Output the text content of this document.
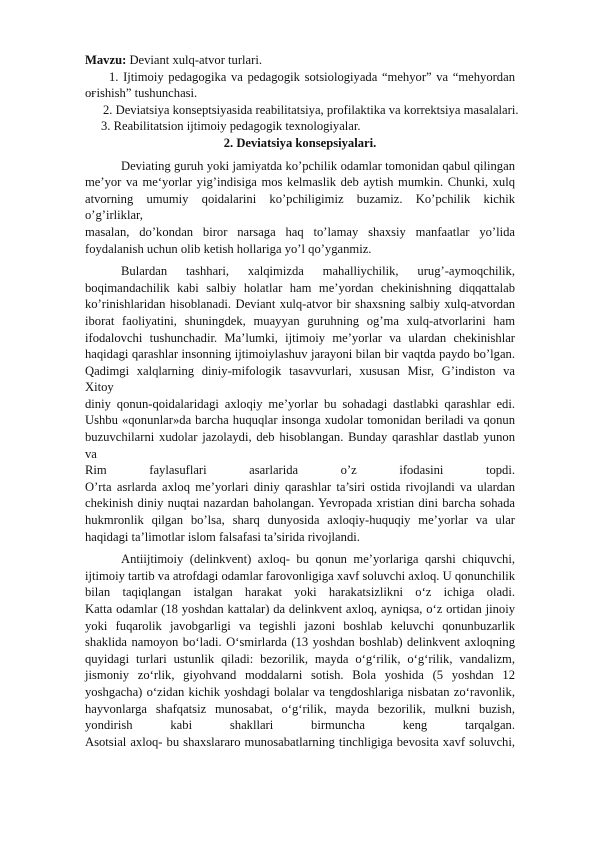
Mavzu: Deviant xulq-atvor turlari.
1. Ijtimoiy pedagogika va pedagogik sotsiologiyada “mehyor” va “mehyordan
oғishish” tushunchasi.
2. Deviatsiya konseptsiyasida reabilitatsiya, profilaktika va korrektsiya masalalari.
3. Reabilitatsion ijtimoiy pedagogik texnologiyalar.
2. Deviatsiya konsepsiyalari.
Deviating guruh yoki jamiyatda ko’pchilik odamlar tomonidan qabul qilingan
me’yor va me‘yorlar yig’indisiga mos kelmaslik deb aytish mumkin. Chunki, xulq
atvorning umumiy qoidalarini ko’pchiligimiz buzamiz. Ko’pchilik kichik o’g’irliklar,
masalan, do’kondan biror narsaga haq to’lamay shaxsiy manfaatlar yo’lida
foydalanish uchun olib ketish hollariga yo’l qo’yganmiz.
Bulardan tashhari, xalqimizda mahalliychilik, urug’-aymoqchilik,
boqimandachilik kabi salbiy holatlar ham me’yordan chekinishning diqqattalab
ko’rinishlaridan hisoblanadi. Deviant xulq-atvor bir shaxsning salbiy xulq-atvordan
iborat faoliyatini, shuningdek, muayyan guruhning og’ma xulq-atvorlarini ham
ifodalovchi tushunchadir. Ma’lumki, ijtimoiy me’yorlar va ulardan chekinishlar
haqidagi qarashlar insonning ijtimoiylashuv jarayoni bilan bir vaqtda paydo bo’lgan.
Qadimgi xalqlarning diniy-mifologik tasavvurlari, xususan Misr, G’indiston va Xitoy
diniy qonun-qoidalaridagi axloqiy me’yorlar bu sohadagi dastlabki qarashlar edi.
Ushbu «qonunlar»da barcha huquqlar insonga xudolar tomonidan beriladi va qonun
buzuvchilarni xudolar jazolaydi, deb hisoblangan. Bunday qarashlar dastlab yunon va
Rim faylasuflari asarlarida o’z ifodasini topdi.
O’rta asrlarda axloq me’yorlari diniy qarashlar ta’siri ostida rivojlandi va ulardan
chekinish diniy nuqtai nazardan baholangan. Yevropada xristian dini barcha sohada
hukmronlik qilgan bo’lsa, sharq dunyosida axloqiy-huquqiy me’yorlar va ular
haqidagi ta’limotlar islom falsafasi ta’sirida rivojlandi.
Antiijtimoiy (delinkvent) axloq- bu qonun me’yorlariga qarshi chiquvchi,
ijtimoiy tartib va atrofdagi odamlar farovonligiga xavf soluvchi axloq. U qonunchilik
bilan taqiqlangan istalgan harakat yoki harakatsizlikni o‘z ichiga oladi.
Katta odamlar (18 yoshdan kattalar) da delinkvent axloq, ayniqsa, o‘z ortidan jinoiy
yoki fuqarolik javobgarligi va tegishli jazoni boshlab keluvchi qonunbuzarlik
shaklida namoyon bo‘ladi. O‘smirlarda (13 yoshdan boshlab) delinkvent axloqning
quyidagi turlari ustunlik qiladi: bezorilik, mayda o‘g‘rilik, o‘g‘rilik, vandalizm,
jismoniy zo‘rlik, giyohvand moddalarni sotish. Bola yoshida (5 yoshdan 12
yoshgacha) o‘zidan kichik yoshdagi bolalar va tengdoshlariga nisbatan zo‘ravonlik,
hayvonlarga shafqatsiz munosabat, o‘g‘rilik, mayda bezorilik, mulkni buzish,
yondirish kabi shakllari birmuncha keng tarqalgan.
Asotsial axloq- bu shaxslararo munosabatlarning tinchligiga bevosita xavf soluvchi,
